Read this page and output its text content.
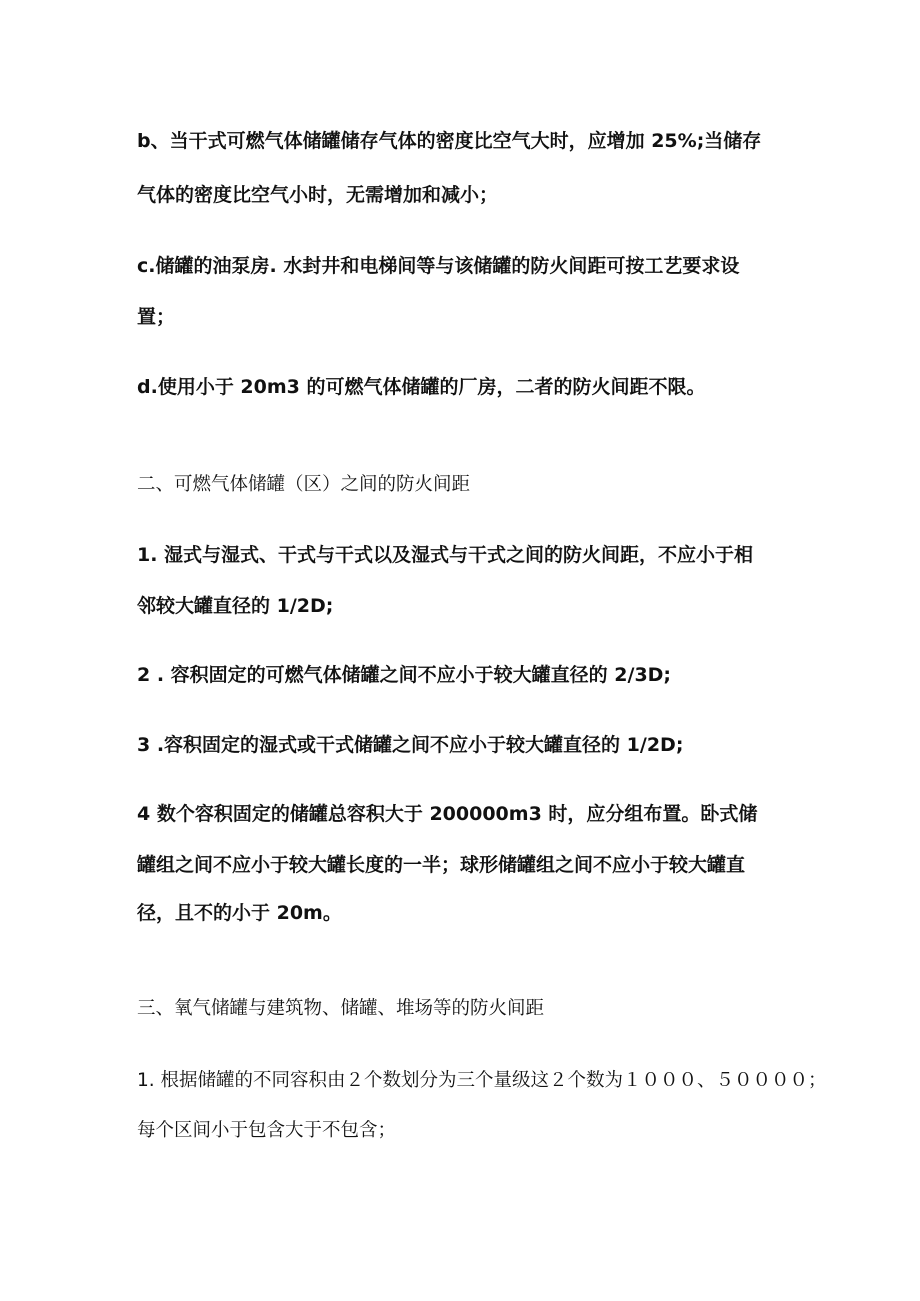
b、当干式可燃气体储罐储存气体的密度比空气大时，应增加 25%;当储存
气体的密度比空气小时，无需增加和减小；
c.储罐的油泵房. 水封井和电梯间等与该储罐的防火间距可按工艺要求设
置；
d.使用小于 20m3 的可燃气体储罐的厂房，二者的防火间距不限。
二、可燃气体储罐（区）之间的防火间距
1. 湿式与湿式、干式与干式以及湿式与干式之间的防火间距，不应小于相
邻较大罐直径的 1/2D;
2 . 容积固定的可燃气体储罐之间不应小于较大罐直径的 2/3D;
3 .容积固定的湿式或干式储罐之间不应小于较大罐直径的 1/2D;
4 数个容积固定的储罐总容积大于 200000m3 时，应分组布置。卧式储
罐组之间不应小于较大罐长度的一半；球形储罐组之间不应小于较大罐直
径，且不的小于 20m。
三、氧气储罐与建筑物、储罐、堆场等的防火间距
1. 根据储罐的不同容积由２个数划分为三个量级这２个数为１０００、５００００；
每个区间小于包含大于不包含；
